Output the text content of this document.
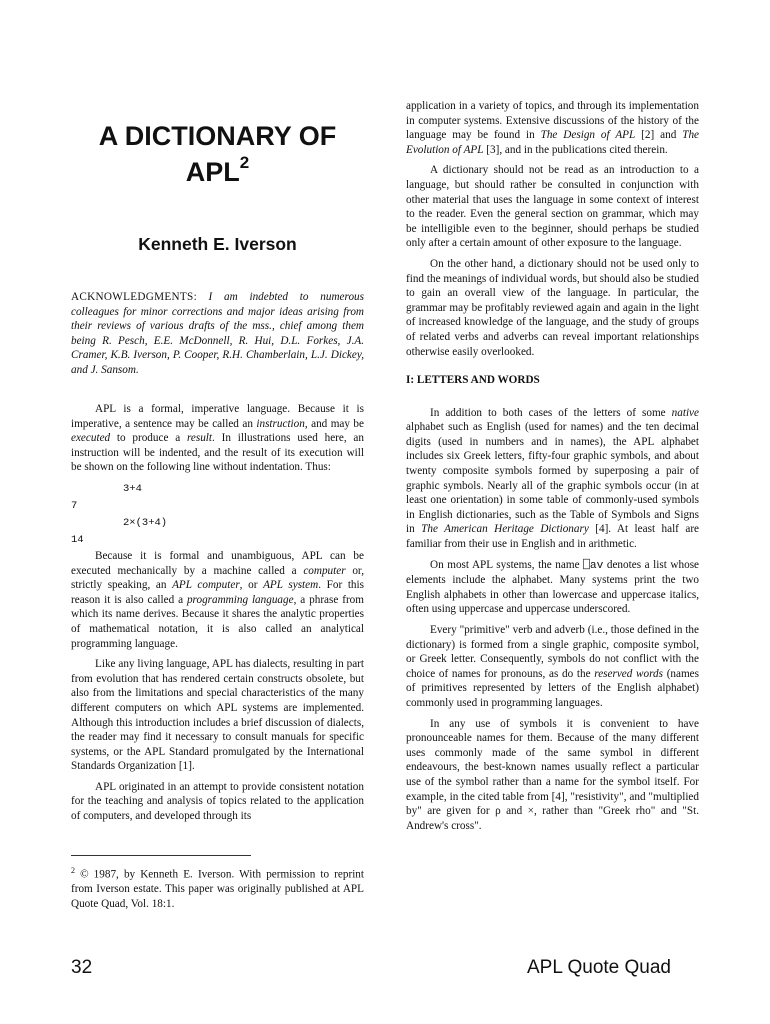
A DICTIONARY OF
APL$^2$
Kenneth E. Iverson
ACKNOWLEDGMENTS: I am indebted to numerous colleagues for minor corrections and major ideas arising from their reviews of various drafts of the mss., chief among them being R. Pesch, E.E. McDonnell, R. Hui, D.L. Forkes, J.A. Cramer, K.B. Iverson, P. Cooper, R.H. Chamberlain, L.J. Dickey, and J. Sansom.

APL is a formal, imperative language. Because it is imperative, a sentence may be called an instruction, and may be executed to produce a result. In illustrations used here, an instruction will be indented, and the result of its execution will be shown on the following line without indentation. Thus:

3+4

7

2×(3+4)

14

Because it is formal and unambiguous, APL can be executed mechanically by a machine called a computer or, strictly speaking, an APL computer, or APL system. For this reason it is also called a programming language, a phrase from which its name derives. Because it shares the analytic properties of mathematical notation, it is also called an analytical programming language.

Like any living language, APL has dialects, resulting in part from evolution that has rendered certain constructs obsolete, but also from the limitations and special characteristics of the many different computers on which APL systems are implemented. Although this introduction includes a brief discussion of dialects, the reader may find it necessary to consult manuals for specific systems, or the APL Standard promulgated by the International Standards Organization [1].

APL originated in an attempt to provide consistent notation for the teaching and analysis of topics related to the application of computers, and developed through its

$^2$ © 1987, by Kenneth E. Iverson. With permission to reprint from Iverson estate. This paper was originally published at APL Quote Quad, Vol. 18:1.

application in a variety of topics, and through its implementation in computer systems. Extensive discussions of the history of the language may be found in The Design of APL [2] and The Evolution of APL [3], and in the publications cited therein.

A dictionary should not be read as an introduction to a language, but should rather be consulted in conjunction with other material that uses the language in some context of interest to the reader. Even the general section on grammar, which may be intelligible even to the beginner, should perhaps be studied only after a certain amount of other exposure to the language.

On the other hand, a dictionary should not be used only to find the meanings of individual words, but should also be studied to gain an overall view of the language. In particular, the grammar may be profitably reviewed again and again in the light of increased knowledge of the language, and the study of groups of related verbs and adverbs can reveal important relationships otherwise easily overlooked.

I: LETTERS AND WORDS

In addition to both cases of the letters of some native alphabet such as English (used for names) and the ten decimal digits (used in numbers and in names), the APL alphabet includes six Greek letters, fifty-four graphic symbols, and about twenty composite symbols formed by superposing a pair of graphic symbols. Nearly all of the graphic symbols occur (in at least one orientation) in some table of commonly-used symbols in English dictionaries, such as the Table of Symbols and Signs in The American Heritage Dictionary [4]. At least half are familiar from their use in English and in arithmetic.

On most APL systems, the name ⎕av denotes a list whose elements include the alphabet. Many systems print the two English alphabets in other than lowercase and uppercase italics, often using uppercase and uppercase underscored.

Every "primitive" verb and adverb (i.e., those defined in the dictionary) is formed from a single graphic, composite symbol, or Greek letter. Consequently, symbols do not conflict with the choice of names for pronouns, as do the reserved words (names of primitives represented by letters of the English alphabet) commonly used in programming languages.

In any use of symbols it is convenient to have pronounceable names for them. Because of the many different uses commonly made of the same symbol in different endeavours, the best-known names usually reflect a particular use of the symbol rather than a name for the symbol itself. For example, in the cited table from [4], "resistivity", and "multiplied by" are given for ρ and ×, rather than "Greek rho" and "St. Andrew's cross".

32	APL Quote Quad
